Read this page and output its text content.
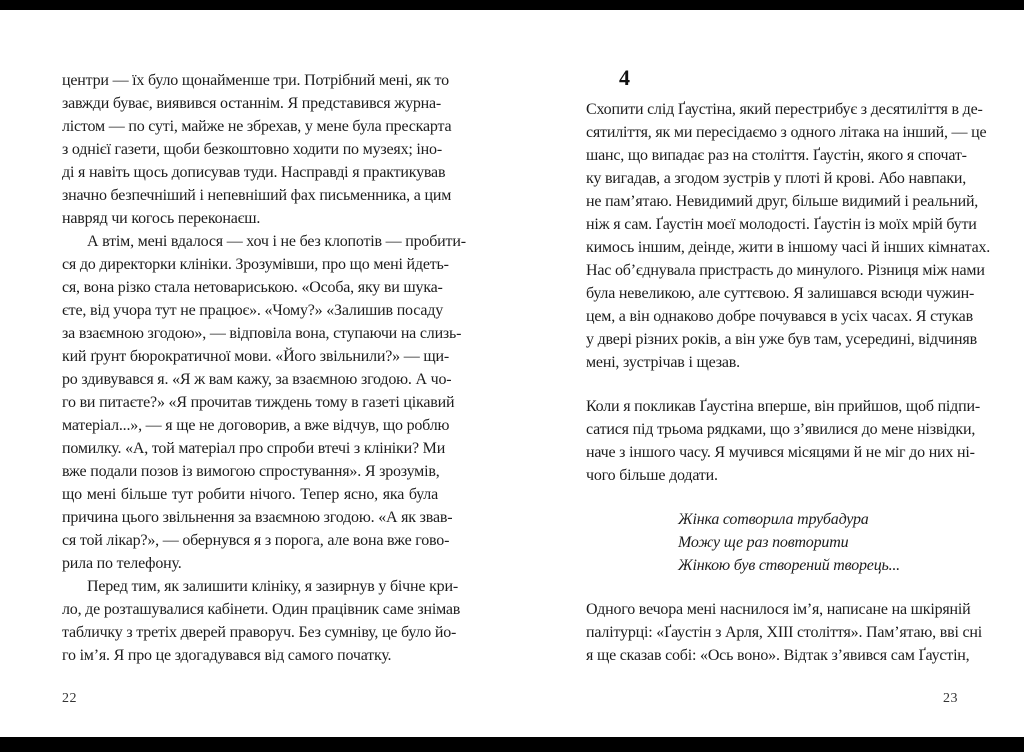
центри — їх було щонайменше три. Потрібний мені, як то
завжди буває, виявився останнім. Я представився журна-
лістом — по суті, майже не збрехав, у мене була прескарта
з однієї газети, щоби безкоштовно ходити по музеях; іно-
ді я навіть щось дописував туди. Насправді я практикував
значно безпечніший і непевніший фах письменника, а цим
навряд чи когось переконаєш.
А втім, мені вдалося — хоч і не без клопотів — пробити-
ся до директорки клініки. Зрозумівши, про що мені йдеть-
ся, вона різко стала нетовариською. «Особа, яку ви шука-
єте, від учора тут не працює». «Чому?» «Залишив посаду
за взаємною згодою», — відповіла вона, ступаючи на слизь-
кий ґрунт бюрократичної мови. «Його звільнили?» — щи-
ро здивувався я. «Я ж вам кажу, за взаємною згодою. А чо-
го ви питаєте?» «Я прочитав тиждень тому в газеті цікавий
матеріал...», — я ще не договорив, а вже відчув, що роблю
помилку. «А, той матеріал про спроби втечі з клініки? Ми
вже подали позов із вимогою спростування». Я зрозумів,
що мені більше тут робити нічого. Тепер ясно, яка була
причина цього звільнення за взаємною згодою. «А як звав-
ся той лікар?», — обернувся я з порога, але вона вже гово-
рила по телефону.
Перед тим, як залишити клініку, я зазирнув у бічне кри-
ло, де розташувалися кабінети. Один працівник саме знімав
табличку з третіх дверей праворуч. Без сумніву, це було йо-
го ім’я. Я про це здогадувався від самого початку.
22
4
Схопити слід Ґаустіна, який перестрибує з десятиліття в де-
сятиліття, як ми пересідаємо з одного літака на інший, — це
шанс, що випадає раз на століття. Ґаустін, якого я спочат-
ку вигадав, а згодом зустрів у плоті й крові. Або навпаки,
не пам’ятаю. Невидимий друг, більше видимий і реальний,
ніж я сам. Ґаустін моєї молодості. Ґаустін із моїх мрій бути
кимось іншим, деінде, жити в іншому часі й інших кімнатах.
Нас об’єднувала пристрасть до минулого. Різниця між нами
була невеликою, але суттєвою. Я залишався всюди чужин-
цем, а він однаково добре почувався в усіх часах. Я стукав
у двері різних років, а він уже був там, усередині, відчиняв
мені, зустрічав і щезав.
Коли я покликав Ґаустіна вперше, він прийшов, щоб підпи-
сатися під трьома рядками, що з’явилися до мене нізвідки,
наче з іншого часу. Я мучився місяцями й не міг до них ні-
чого більше додати.
Жінка сотворила трубадура
Можу ще раз повторити
Жінкою був створений творець...
Одного вечора мені наснилося ім’я, написане на шкіряній
палітурці: «Ґаустін з Арля, XIII століття». Пам’ятаю, вві сні
я ще сказав собі: «Ось воно». Відтак з’явився сам Ґаустін,
23
